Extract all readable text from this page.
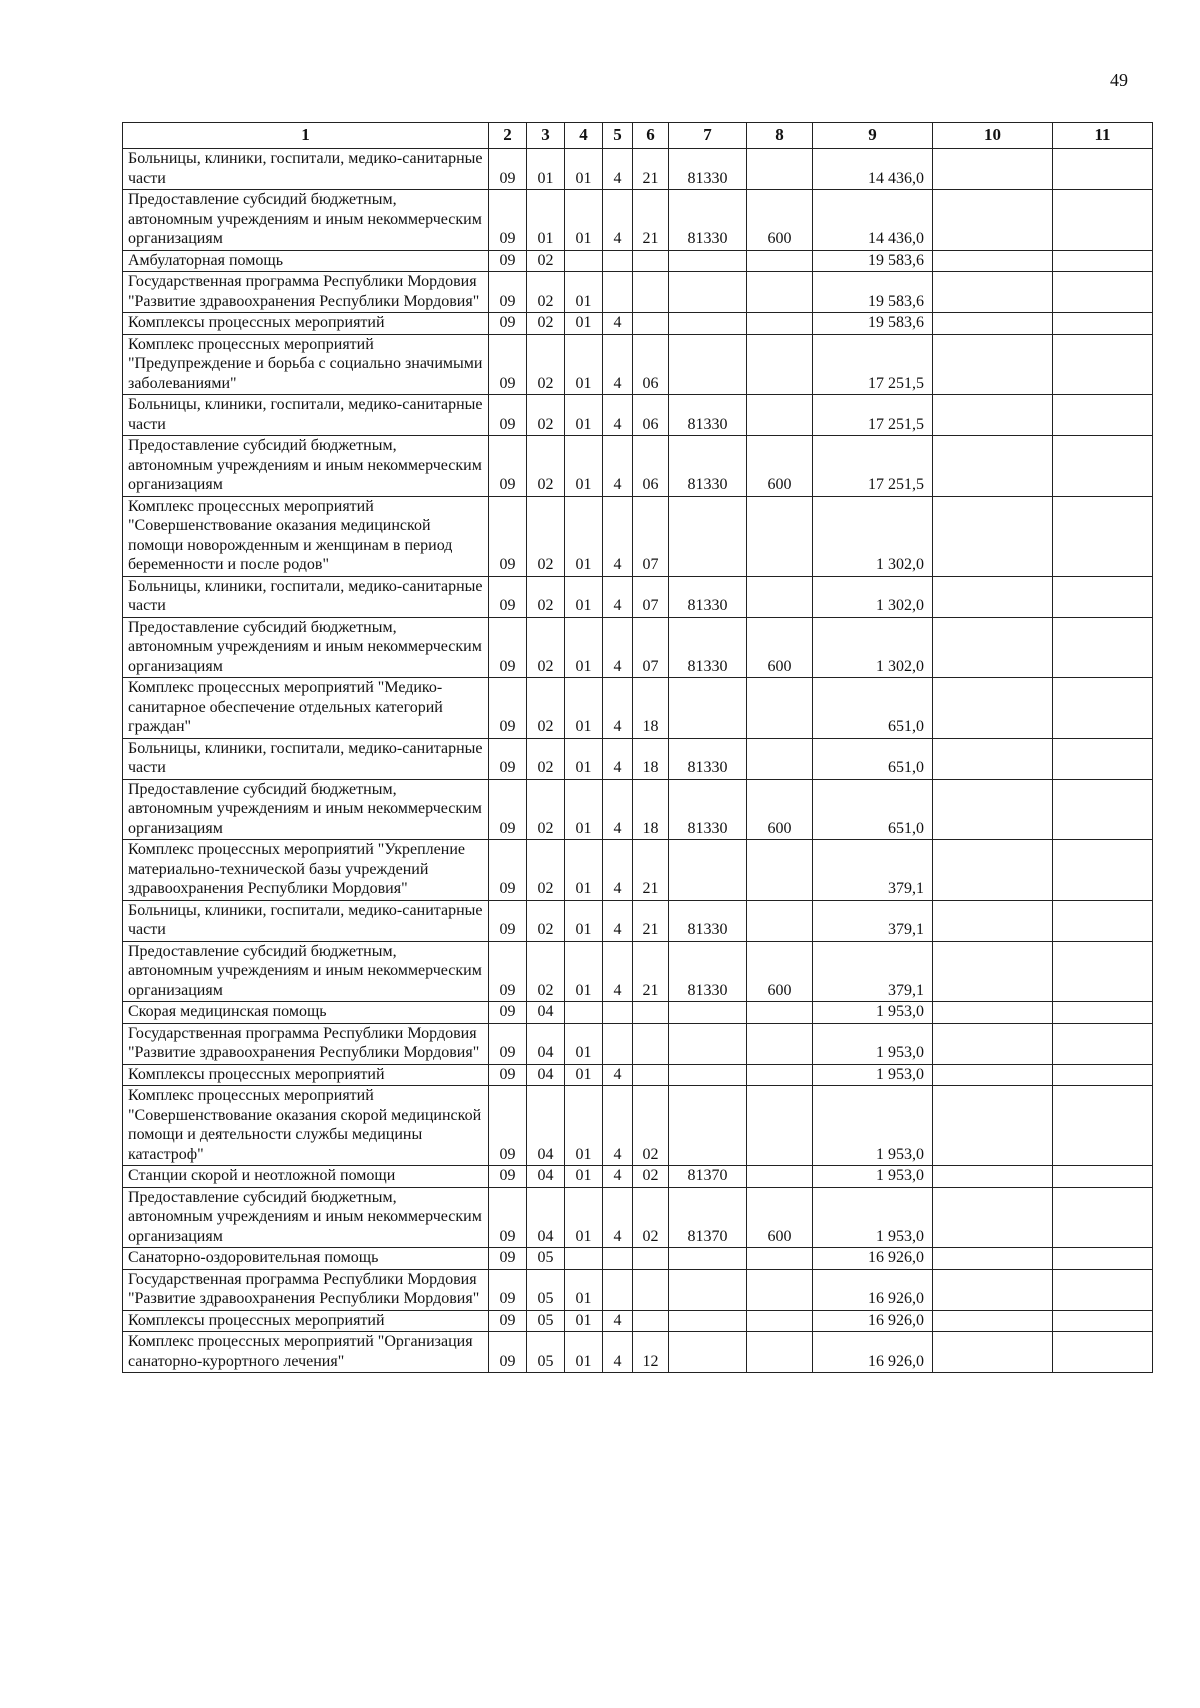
49
1	2	3	4	5	6	7	8	9	10	11
Больницы, клиники, госпитали, медико-санитарные части	09	01	01	4	21	81330		14 436,0		
Предоставление субсидий бюджетным, автономным учреждениям и иным некоммерческим организациям	09	01	01	4	21	81330	600	14 436,0		
Амбулаторная помощь	09	02						19 583,6		
Государственная программа Республики Мордовия "Развитие здравоохранения Республики Мордовия"	09	02	01					19 583,6		
Комплексы процессных мероприятий	09	02	01	4				19 583,6		
Комплекс процессных мероприятий "Предупреждение и борьба с социально значимыми заболеваниями"	09	02	01	4	06			17 251,5		
Больницы, клиники, госпитали, медико-санитарные части	09	02	01	4	06	81330		17 251,5		
Предоставление субсидий бюджетным, автономным учреждениям и иным некоммерческим организациям	09	02	01	4	06	81330	600	17 251,5		
Комплекс процессных мероприятий "Совершенствование оказания медицинской помощи новорожденным и женщинам в период беременности и после родов"	09	02	01	4	07			1 302,0		
Больницы, клиники, госпитали, медико-санитарные части	09	02	01	4	07	81330		1 302,0		
Предоставление субсидий бюджетным, автономным учреждениям и иным некоммерческим организациям	09	02	01	4	07	81330	600	1 302,0		
Комплекс процессных мероприятий "Медико-санитарное обеспечение отдельных категорий граждан"	09	02	01	4	18			651,0		
Больницы, клиники, госпитали, медико-санитарные части	09	02	01	4	18	81330		651,0		
Предоставление субсидий бюджетным, автономным учреждениям и иным некоммерческим организациям	09	02	01	4	18	81330	600	651,0		
Комплекс процессных мероприятий "Укрепление материально-технической базы учреждений здравоохранения Республики Мордовия"	09	02	01	4	21			379,1		
Больницы, клиники, госпитали, медико-санитарные части	09	02	01	4	21	81330		379,1		
Предоставление субсидий бюджетным, автономным учреждениям и иным некоммерческим организациям	09	02	01	4	21	81330	600	379,1		
Скорая медицинская помощь	09	04						1 953,0		
Государственная программа Республики Мордовия "Развитие здравоохранения Республики Мордовия"	09	04	01					1 953,0		
Комплексы процессных мероприятий	09	04	01	4				1 953,0		
Комплекс процессных мероприятий "Совершенствование оказания скорой медицинской помощи и деятельности службы медицины катастроф"	09	04	01	4	02			1 953,0		
Станции скорой и неотложной помощи	09	04	01	4	02	81370		1 953,0		
Предоставление субсидий бюджетным, автономным учреждениям и иным некоммерческим организациям	09	04	01	4	02	81370	600	1 953,0		
Санаторно-оздоровительная помощь	09	05						16 926,0		
Государственная программа Республики Мордовия "Развитие здравоохранения Республики Мордовия"	09	05	01					16 926,0		
Комплексы процессных мероприятий	09	05	01	4				16 926,0		
Комплекс процессных мероприятий "Организация санаторно-курортного лечения"	09	05	01	4	12			16 926,0		
